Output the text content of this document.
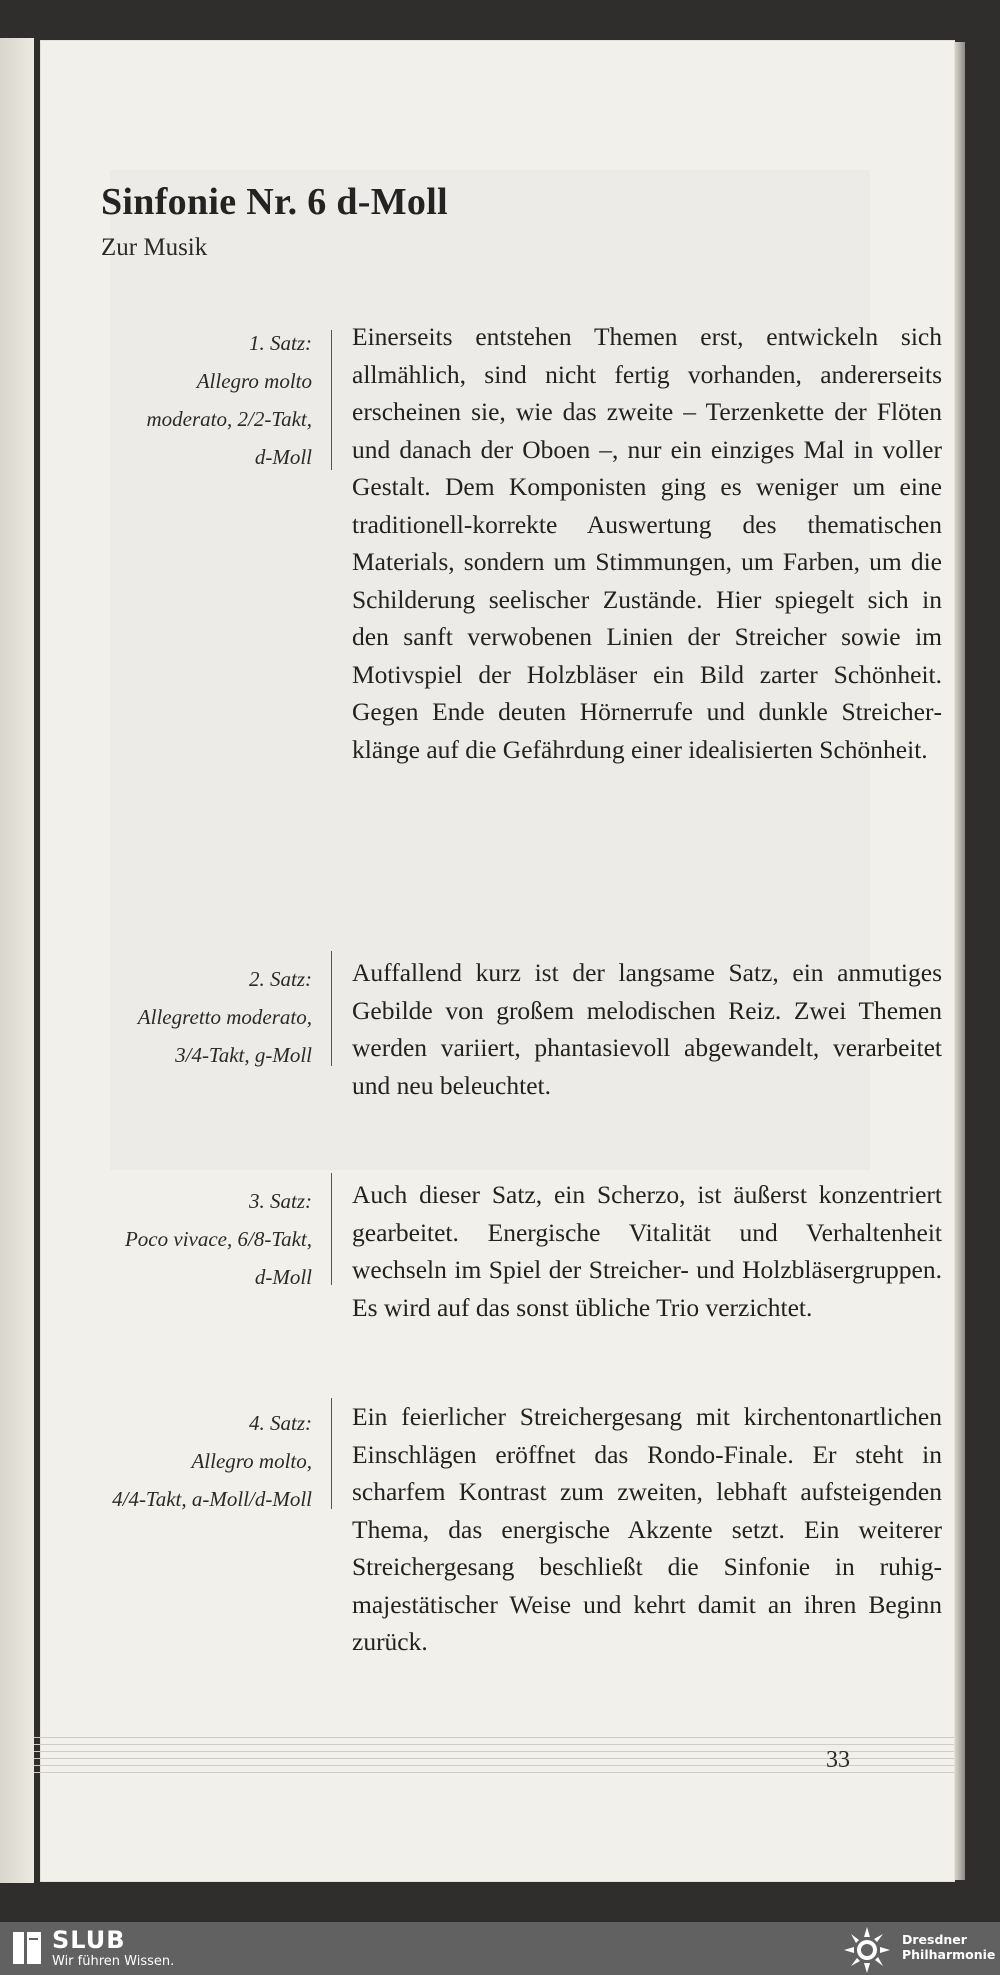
Sinfonie Nr. 6 d-Moll
Zur Musik
1. Satz:
Allegro molto
moderato, 2/2-Takt,
d-Moll
Einerseits entstehen Themen erst, entwickeln sich allmählich, sind nicht fertig vorhanden, andererseits erscheinen sie, wie das zweite – Terzenkette der Flöten und danach der Oboen –, nur ein einziges Mal in voller Gestalt. Dem Komponisten ging es weniger um eine traditionell-korrekte Auswertung des thematischen Materials, sondern um Stimmungen, um Farben, um die Schilderung seelischer Zustände. Hier spiegelt sich in den sanft verwobenen Linien der Streicher sowie im Motivspiel der Holzbläser ein Bild zarter Schönheit. Gegen Ende deuten Hörnerrufe und dunkle Streicherklänge auf die Gefährdung einer idealisierten Schönheit.
2. Satz:
Allegretto moderato,
3/4-Takt, g-Moll
Auffallend kurz ist der langsame Satz, ein anmutiges Gebilde von großem melodischen Reiz. Zwei Themen werden variiert, phantasievoll abgewandelt, verarbeitet und neu beleuchtet.
3. Satz:
Poco vivace, 6/8-Takt,
d-Moll
Auch dieser Satz, ein Scherzo, ist äußerst konzentriert gearbeitet. Energische Vitalität und Verhaltenheit wechseln im Spiel der Streicher- und Holzbläsergruppen. Es wird auf das sonst übliche Trio verzichtet.
4. Satz:
Allegro molto,
4/4-Takt, a-Moll/d-Moll
Ein feierlicher Streichergesang mit kirchentonartlichen Einschlägen eröffnet das Rondo-Finale. Er steht in scharfem Kontrast zum zweiten, lebhaft aufsteigenden Thema, das energische Akzente setzt. Ein weiterer Streichergesang beschließt die Sinfonie in ruhig-majestätischer Weise und kehrt damit an ihren Beginn zurück.
33
SLUB
Wir führen Wissen.
Dresdner
Philharmonie
